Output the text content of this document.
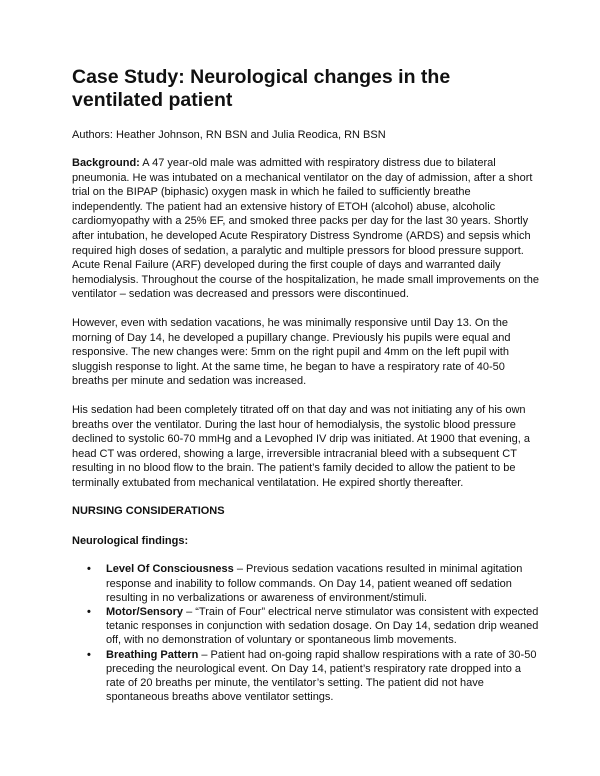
Case Study: Neurological changes in the ventilated patient
Authors: Heather Johnson, RN BSN and Julia Reodica, RN BSN

Background: A 47 year-old male was admitted with respiratory distress due to bilateral pneumonia. He was intubated on a mechanical ventilator on the day of admission, after a short trial on the BIPAP (biphasic) oxygen mask in which he failed to sufficiently breathe independently. The patient had an extensive history of ETOH (alcohol) abuse, alcoholic cardiomyopathy with a 25% EF, and smoked three packs per day for the last 30 years. Shortly after intubation, he developed Acute Respiratory Distress Syndrome (ARDS) and sepsis which required high doses of sedation, a paralytic and multiple pressors for blood pressure support. Acute Renal Failure (ARF) developed during the first couple of days and warranted daily hemodialysis. Throughout the course of the hospitalization, he made small improvements on the ventilator – sedation was decreased and pressors were discontinued.

However, even with sedation vacations, he was minimally responsive until Day 13. On the morning of Day 14, he developed a pupillary change. Previously his pupils were equal and responsive. The new changes were: 5mm on the right pupil and 4mm on the left pupil with sluggish response to light. At the same time, he began to have a respiratory rate of 40-50 breaths per minute and sedation was increased.

His sedation had been completely titrated off on that day and was not initiating any of his own breaths over the ventilator. During the last hour of hemodialysis, the systolic blood pressure declined to systolic 60-70 mmHg and a Levophed IV drip was initiated. At 1900 that evening, a head CT was ordered, showing a large, irreversible intracranial bleed with a subsequent CT resulting in no blood flow to the brain. The patient’s family decided to allow the patient to be terminally extubated from mechanical ventilatation. He expired shortly thereafter.

NURSING CONSIDERATIONS
Neurological findings:
• Level Of Consciousness – Previous sedation vacations resulted in minimal agitation response and inability to follow commands. On Day 14, patient weaned off sedation resulting in no verbalizations or awareness of environment/stimuli.
• Motor/Sensory – “Train of Four” electrical nerve stimulator was consistent with expected tetanic responses in conjunction with sedation dosage. On Day 14, sedation drip weaned off, with no demonstration of voluntary or spontaneous limb movements.
• Breathing Pattern – Patient had on-going rapid shallow respirations with a rate of 30-50 preceding the neurological event. On Day 14, patient’s respiratory rate dropped into a rate of 20 breaths per minute, the ventilator’s setting. The patient did not have spontaneous breaths above ventilator settings.
